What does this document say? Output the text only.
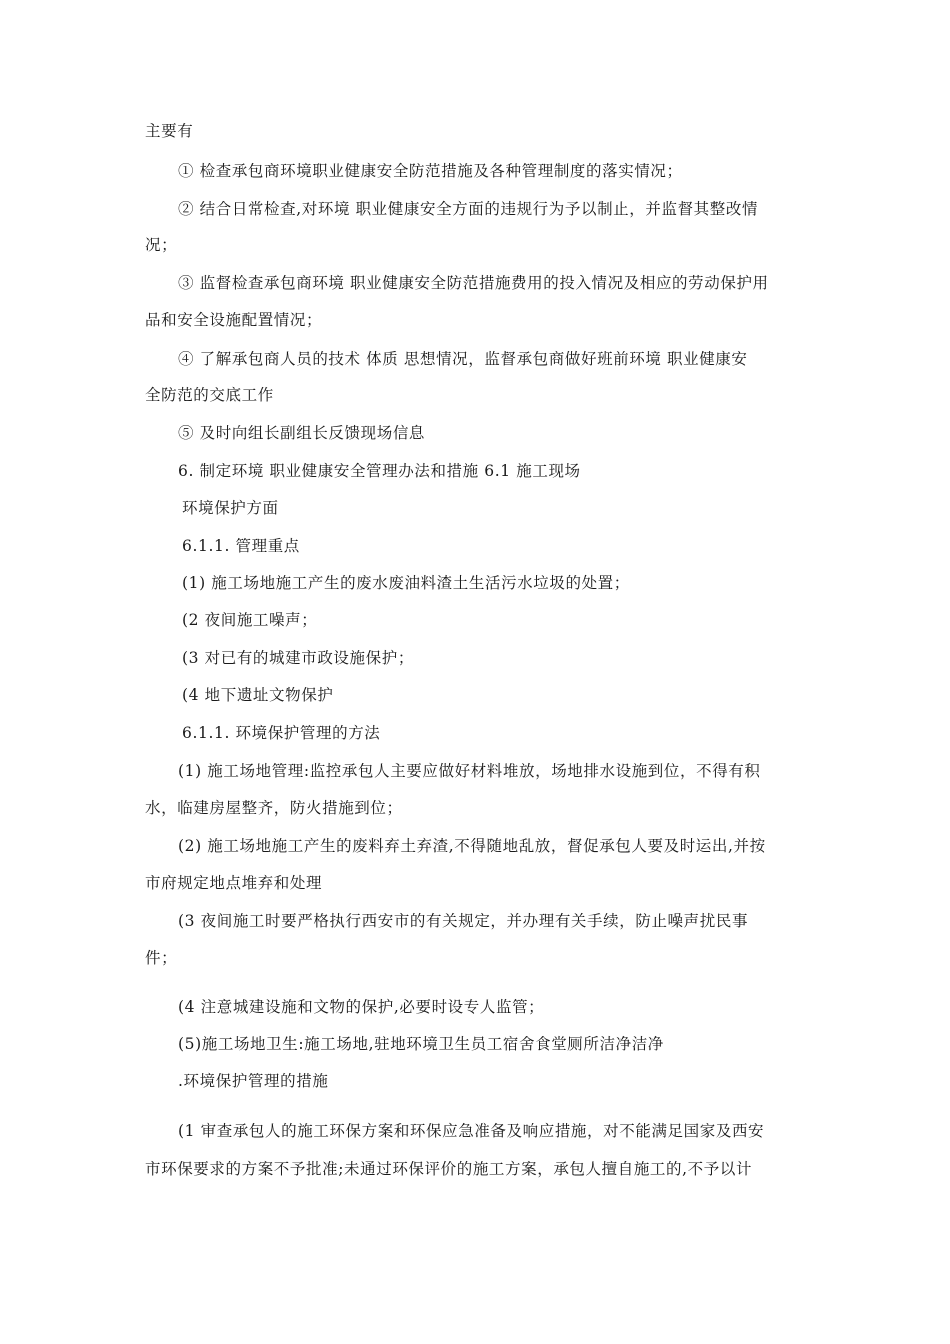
主要有
① 检查承包商环境职业健康安全防范措施及各种管理制度的落实情况；
② 结合日常检查,对环境 职业健康安全方面的违规行为予以制止，并监督其整改情
况；
③ 监督检查承包商环境 职业健康安全防范措施费用的投入情况及相应的劳动保护用
品和安全设施配置情况；
④ 了解承包商人员的技术 体质 思想情况，监督承包商做好班前环境 职业健康安
全防范的交底工作
⑤ 及时向组长副组长反馈现场信息
6. 制定环境 职业健康安全管理办法和措施 6.1 施工现场
环境保护方面
6.1.1. 管理重点
(1) 施工场地施工产生的废水废油料渣土生活污水垃圾的处置；
(2 夜间施工噪声；
(3 对已有的城建市政设施保护；
(4 地下遗址文物保护
6.1.1. 环境保护管理的方法
(1) 施工场地管理:监控承包人主要应做好材料堆放，场地排水设施到位，不得有积
水，临建房屋整齐，防火措施到位；
(2) 施工场地施工产生的废料弃土弃渣,不得随地乱放，督促承包人要及时运出,并按
市府规定地点堆弃和处理
(3 夜间施工时要严格执行西安市的有关规定，并办理有关手续，防止噪声扰民事
件；
(4 注意城建设施和文物的保护,必要时设专人监管；
(5)施工场地卫生:施工场地,驻地环境卫生员工宿舍食堂厕所洁净洁净
.环境保护管理的措施
(1 审查承包人的施工环保方案和环保应急准备及响应措施，对不能满足国家及西安
市环保要求的方案不予批准;未通过环保评价的施工方案，承包人擅自施工的,不予以计
